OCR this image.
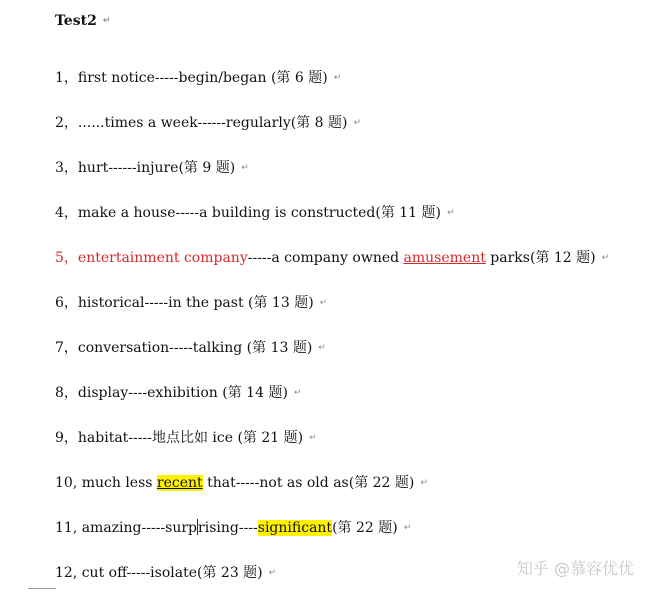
Test2 ↵
1，first notice-----begin/began (第 6 题) ↵
2，......times a week------regularly(第 8 题) ↵
3，hurt------injure(第 9 题) ↵
4，make a house-----a building is constructed(第 11 题) ↵
5，entertainment company-----a company owned amusement parks(第 12 题) ↵
6，historical-----in the past (第 13 题) ↵
7，conversation-----talking (第 13 题) ↵
8，display----exhibition (第 14 题) ↵
9，habitat-----地点比如 ice (第 21 题) ↵
10, much less recent that-----not as old as(第 22 题) ↵
11, amazing-----surprising----significant(第 22 题) ↵
12, cut off-----isolate(第 23 题) ↵	知乎 @慕容优优
